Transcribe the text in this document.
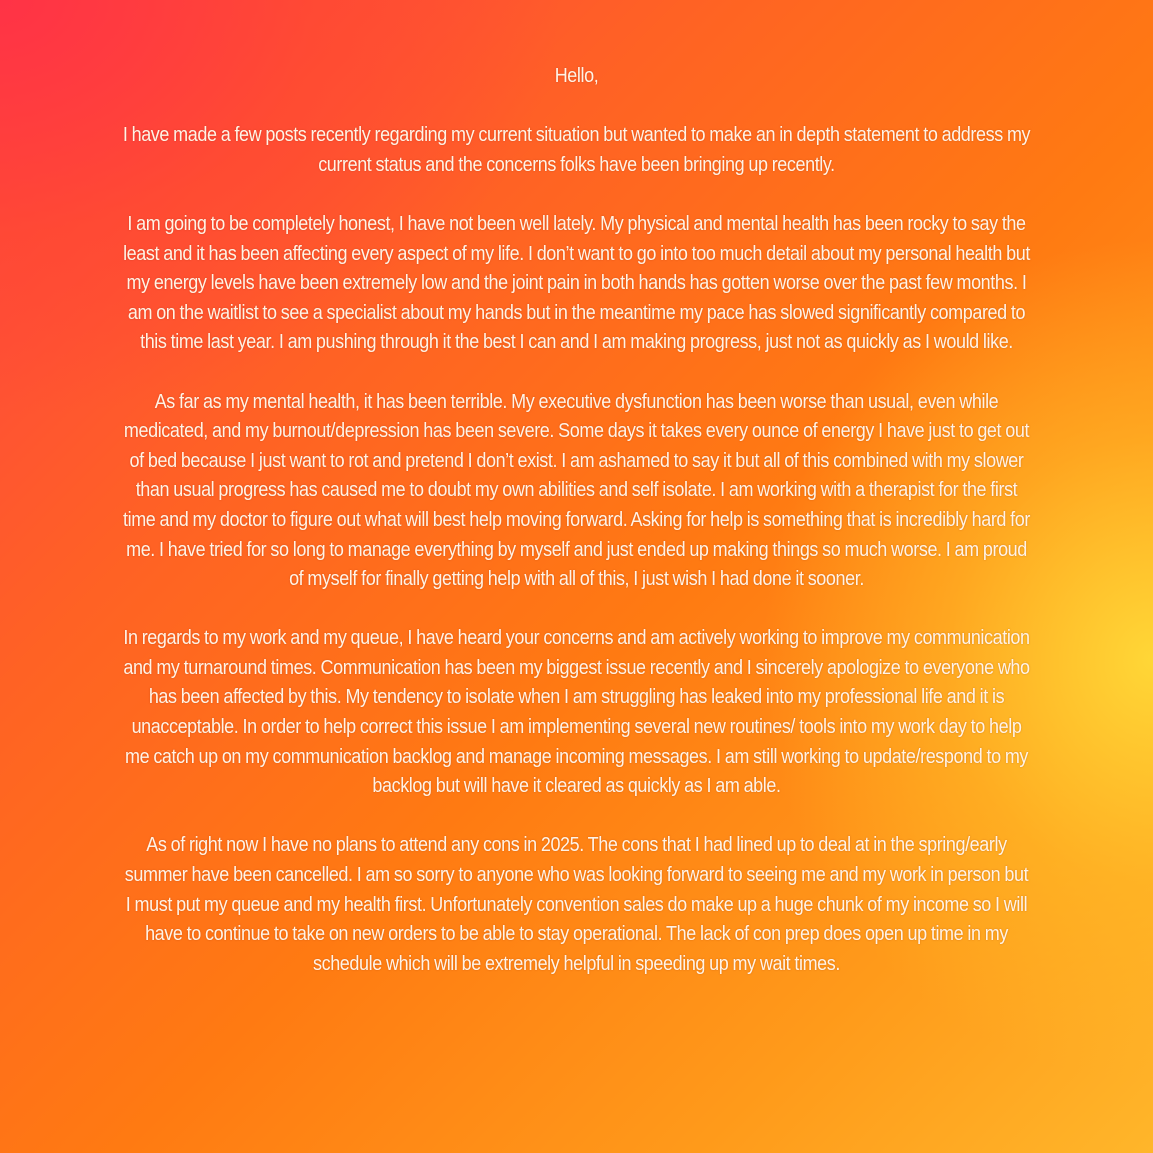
Hello,

I have made a few posts recently regarding my current situation but wanted to make an in depth statement to address my current status and the concerns folks have been bringing up recently.

I am going to be completely honest, I have not been well lately. My physical and mental health has been rocky to say the least and it has been affecting every aspect of my life. I don’t want to go into too much detail about my personal health but my energy levels have been extremely low and the joint pain in both hands has gotten worse over the past few months. I am on the waitlist to see a specialist about my hands but in the meantime my pace has slowed significantly compared to this time last year. I am pushing through it the best I can and I am making progress, just not as quickly as I would like.

As far as my mental health, it has been terrible. My executive dysfunction has been worse than usual, even while medicated, and my burnout/depression has been severe. Some days it takes every ounce of energy I have just to get out of bed because I just want to rot and pretend I don’t exist. I am ashamed to say it but all of this combined with my slower than usual progress has caused me to doubt my own abilities and self isolate. I am working with a therapist for the first time and my doctor to figure out what will best help moving forward. Asking for help is something that is incredibly hard for me. I have tried for so long to manage everything by myself and just ended up making things so much worse. I am proud of myself for finally getting help with all of this, I just wish I had done it sooner.

In regards to my work and my queue, I have heard your concerns and am actively working to improve my communication and my turnaround times. Communication has been my biggest issue recently and I sincerely apologize to everyone who has been affected by this. My tendency to isolate when I am struggling has leaked into my professional life and it is unacceptable. In order to help correct this issue I am implementing several new routines/ tools into my work day to help me catch up on my communication backlog and manage incoming messages. I am still working to update/respond to my backlog but will have it cleared as quickly as I am able.

As of right now I have no plans to attend any cons in 2025. The cons that I had lined up to deal at in the spring/early summer have been cancelled. I am so sorry to anyone who was looking forward to seeing me and my work in person but I must put my queue and my health first. Unfortunately convention sales do make up a huge chunk of my income so I will have to continue to take on new orders to be able to stay operational. The lack of con prep does open up time in my schedule which will be extremely helpful in speeding up my wait times.
